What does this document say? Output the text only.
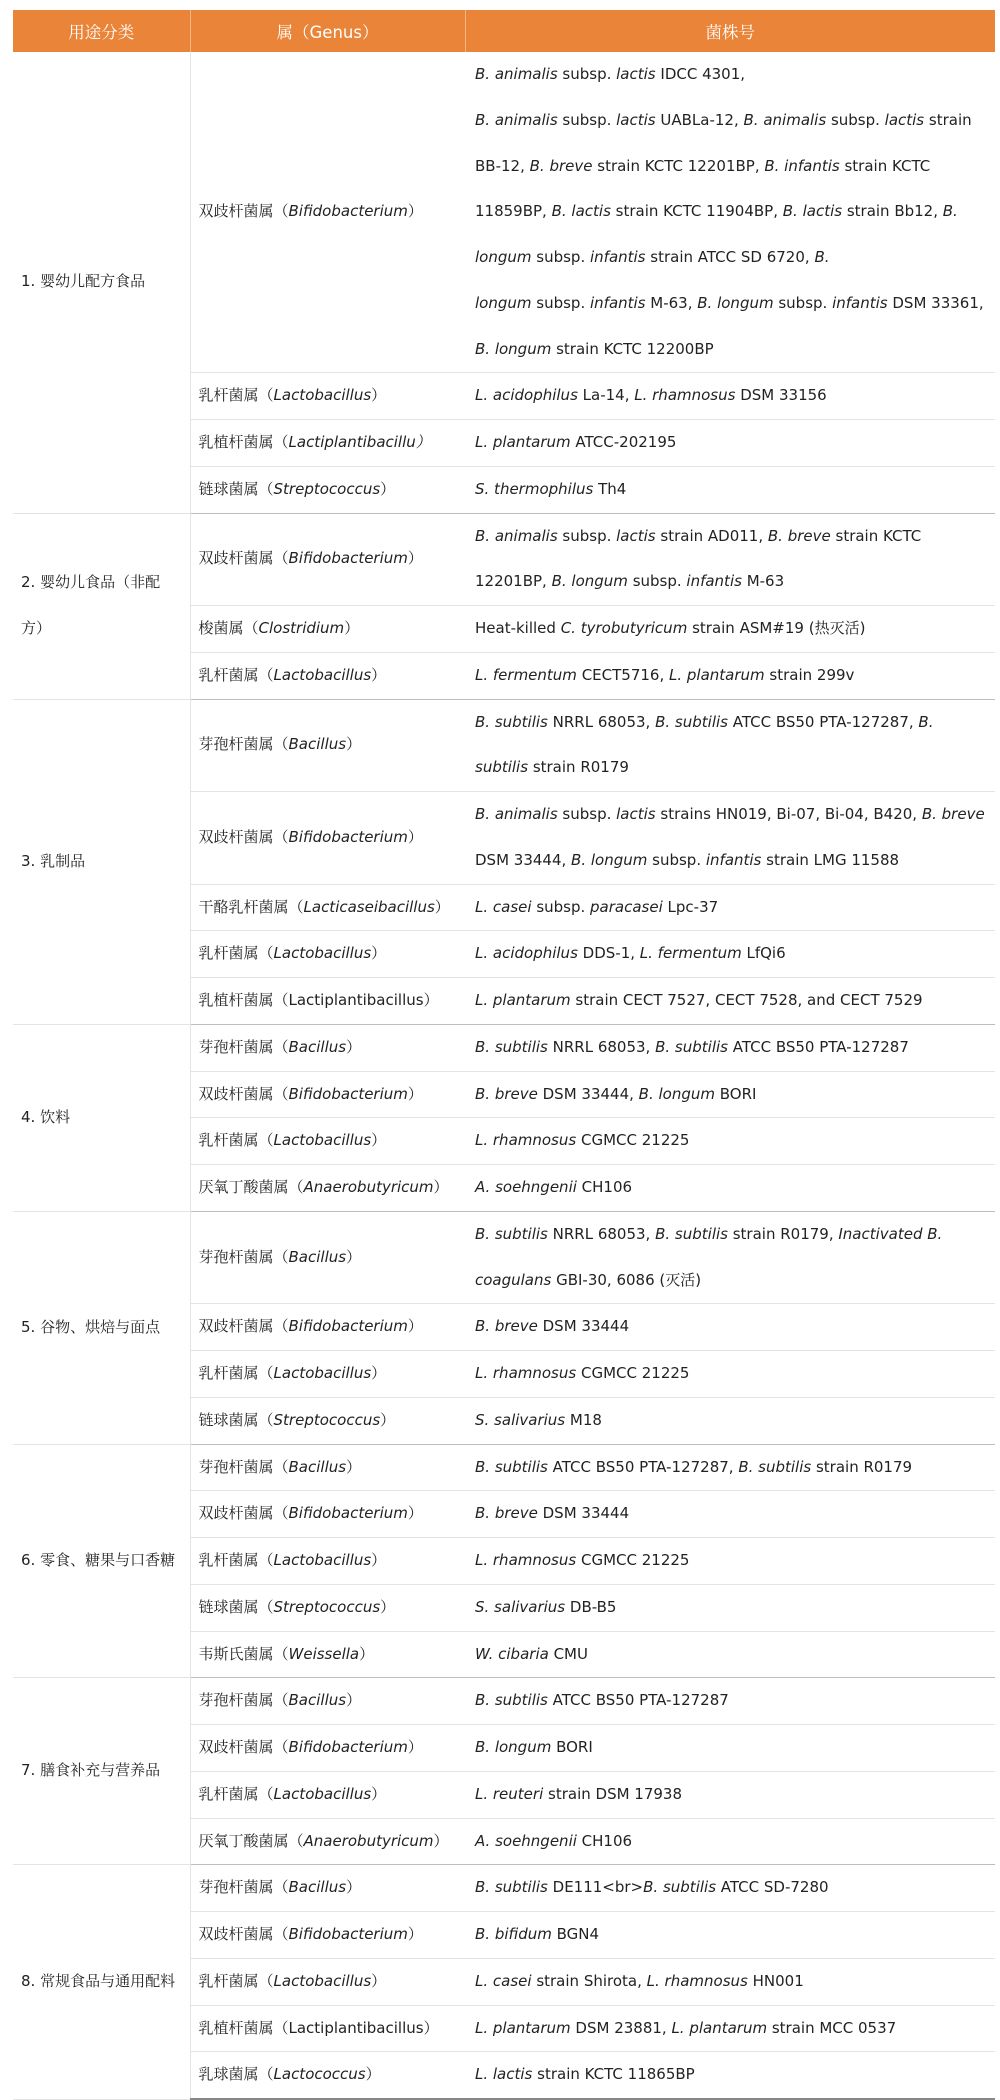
用途分类	属（Genus）	菌株号
1. 婴幼儿配方食品	双歧杆菌属（Bifidobacterium）	B. animalis subsp. lactis IDCC 4301,
B. animalis subsp. lactis UABLa-12, B. animalis subsp. lactis strain BB-12, B. breve strain KCTC 12201BP, B. infantis strain KCTC 11859BP, B. lactis strain KCTC 11904BP, B. lactis strain Bb12, B.
longum subsp. infantis strain ATCC SD 6720, B.
longum subsp. infantis M-63, B. longum subsp. infantis DSM 33361, B. longum strain KCTC 12200BP
	乳杆菌属（Lactobacillus）	L. acidophilus La-14, L. rhamnosus DSM 33156
	乳植杆菌属（Lactiplantibacillu）	L. plantarum ATCC-202195
	链球菌属（Streptococcus）	S. thermophilus Th4
2. 婴幼儿食品（非配方）	双歧杆菌属（Bifidobacterium）	B. animalis subsp. lactis strain AD011, B. breve strain KCTC 12201BP, B. longum subsp. infantis M-63
	梭菌属（Clostridium）	Heat-killed C. tyrobutyricum strain ASM#19 (热灭活)
	乳杆菌属（Lactobacillus）	L. fermentum CECT5716, L. plantarum strain 299v
3. 乳制品	芽孢杆菌属（Bacillus）	B. subtilis NRRL 68053, B. subtilis ATCC BS50 PTA-127287, B. subtilis strain R0179
	双歧杆菌属（Bifidobacterium）	B. animalis subsp. lactis strains HN019, Bi-07, Bi-04, B420, B. breve DSM 33444, B. longum subsp. infantis strain LMG 11588
	干酪乳杆菌属（Lacticaseibacillus）	L. casei subsp. paracasei Lpc-37
	乳杆菌属（Lactobacillus）	L. acidophilus DDS-1, L. fermentum LfQi6
	乳植杆菌属（Lactiplantibacillus）	L. plantarum strain CECT 7527, CECT 7528, and CECT 7529
4. 饮料	芽孢杆菌属（Bacillus）	B. subtilis NRRL 68053, B. subtilis ATCC BS50 PTA-127287
	双歧杆菌属（Bifidobacterium）	B. breve DSM 33444, B. longum BORI
	乳杆菌属（Lactobacillus）	L. rhamnosus CGMCC 21225
	厌氧丁酸菌属（Anaerobutyricum）	A. soehngenii CH106
5. 谷物、烘焙与面点	芽孢杆菌属（Bacillus）	B. subtilis NRRL 68053, B. subtilis strain R0179, Inactivated B. coagulans GBI-30, 6086 (灭活)
	双歧杆菌属（Bifidobacterium）	B. breve DSM 33444
	乳杆菌属（Lactobacillus）	L. rhamnosus CGMCC 21225
	链球菌属（Streptococcus）	S. salivarius M18
6. 零食、糖果与口香糖	芽孢杆菌属（Bacillus）	B. subtilis ATCC BS50 PTA-127287, B. subtilis strain R0179
	双歧杆菌属（Bifidobacterium）	B. breve DSM 33444
	乳杆菌属（Lactobacillus）	L. rhamnosus CGMCC 21225
	链球菌属（Streptococcus）	S. salivarius DB-B5
	韦斯氏菌属（Weissella）	W. cibaria CMU
7. 膳食补充与营养品	芽孢杆菌属（Bacillus）	B. subtilis ATCC BS50 PTA-127287
	双歧杆菌属（Bifidobacterium）	B. longum BORI
	乳杆菌属（Lactobacillus）	L. reuteri strain DSM 17938
	厌氧丁酸菌属（Anaerobutyricum）	A. soehngenii CH106
8. 常规食品与通用配料	芽孢杆菌属（Bacillus）	B. subtilis DE111<br>B. subtilis ATCC SD-7280
	双歧杆菌属（Bifidobacterium）	B. bifidum BGN4
	乳杆菌属（Lactobacillus）	L. casei strain Shirota, L. rhamnosus HN001
	乳植杆菌属（Lactiplantibacillus）	L. plantarum DSM 23881, L. plantarum strain MCC 0537
	乳球菌属（Lactococcus）	L. lactis strain KCTC 11865BP
